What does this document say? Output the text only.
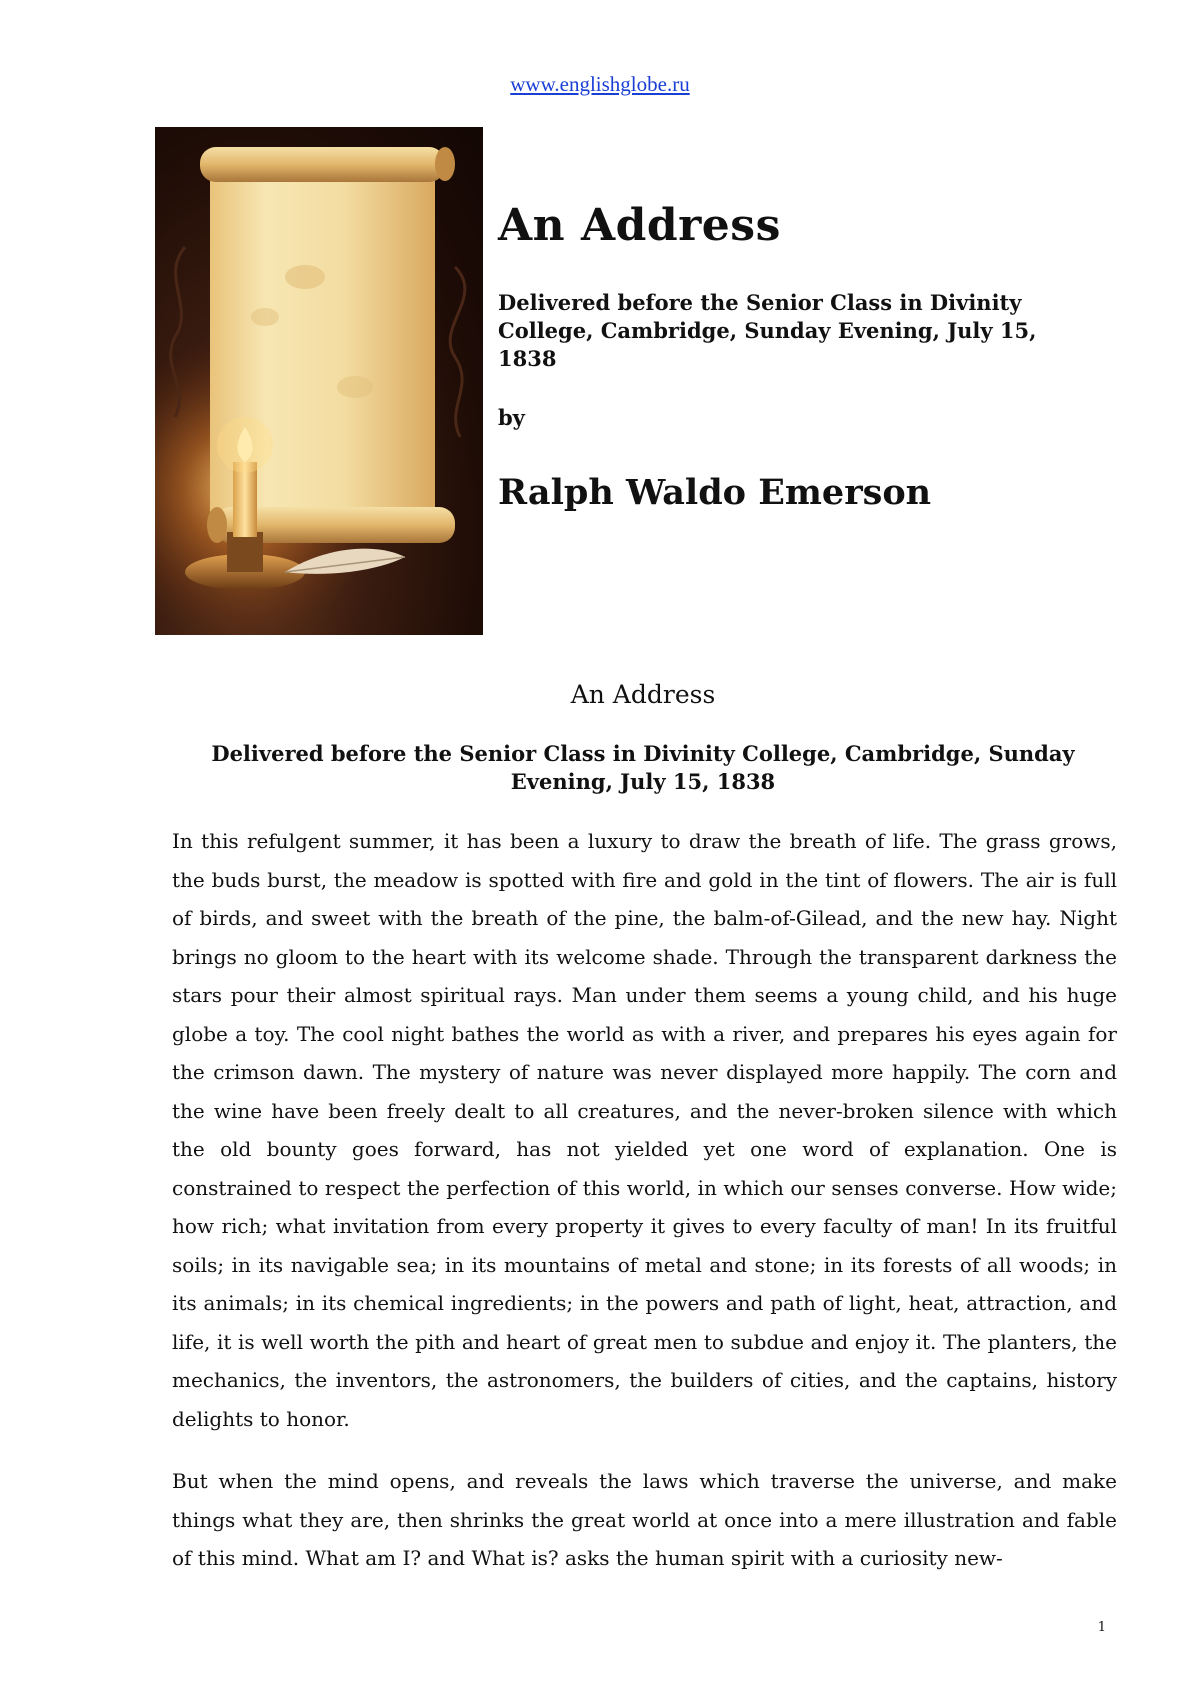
www.englishglobe.ru
An Address

Delivered before the Senior Class in Divinity College, Cambridge, Sunday Evening, July 15, 1838

by

Ralph Waldo Emerson

An Address
Delivered before the Senior Class in Divinity College, Cambridge, Sunday Evening, July 15, 1838

In this refulgent summer, it has been a luxury to draw the breath of life. The grass grows, the buds burst, the meadow is spotted with fire and gold in the tint of flowers. The air is full of birds, and sweet with the breath of the pine, the balm-of-Gilead, and the new hay. Night brings no gloom to the heart with its welcome shade. Through the transparent darkness the stars pour their almost spiritual rays. Man under them seems a young child, and his huge globe a toy. The cool night bathes the world as with a river, and prepares his eyes again for the crimson dawn. The mystery of nature was never displayed more happily. The corn and the wine have been freely dealt to all creatures, and the never-broken silence with which the old bounty goes forward, has not yielded yet one word of explanation. One is constrained to respect the perfection of this world, in which our senses converse. How wide; how rich; what invitation from every property it gives to every faculty of man! In its fruitful soils; in its navigable sea; in its mountains of metal and stone; in its forests of all woods; in its animals; in its chemical ingredients; in the powers and path of light, heat, attraction, and life, it is well worth the pith and heart of great men to subdue and enjoy it. The planters, the mechanics, the inventors, the astronomers, the builders of cities, and the captains, history delights to honor.

But when the mind opens, and reveals the laws which traverse the universe, and make things what they are, then shrinks the great world at once into a mere illustration and fable of this mind. What am I? and What is? asks the human spirit with a curiosity new-

1
